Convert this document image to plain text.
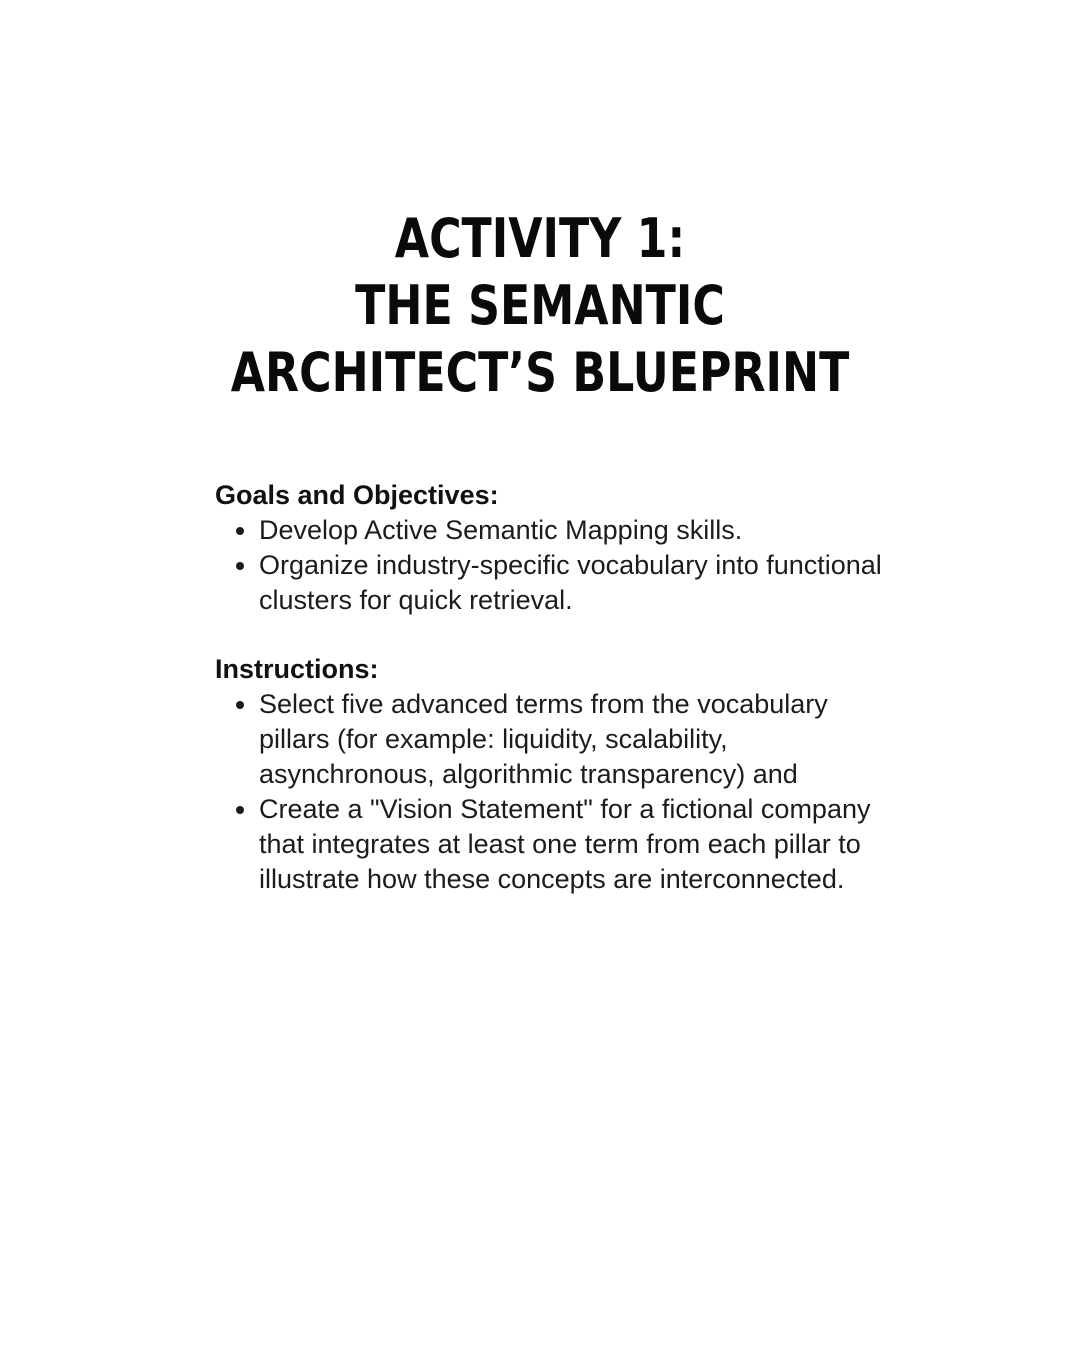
ACTIVITY 1:
THE SEMANTIC
ARCHITECT’S BLUEPRINT

Goals and Objectives:

• Develop Active Semantic Mapping skills.
• Organize industry-specific vocabulary into functional clusters for quick retrieval.

Instructions:

• Select five advanced terms from the vocabulary pillars (for example: liquidity, scalability, asynchronous, algorithmic transparency) and
• Create a "Vision Statement" for a fictional company that integrates at least one term from each pillar to illustrate how these concepts are interconnected.
